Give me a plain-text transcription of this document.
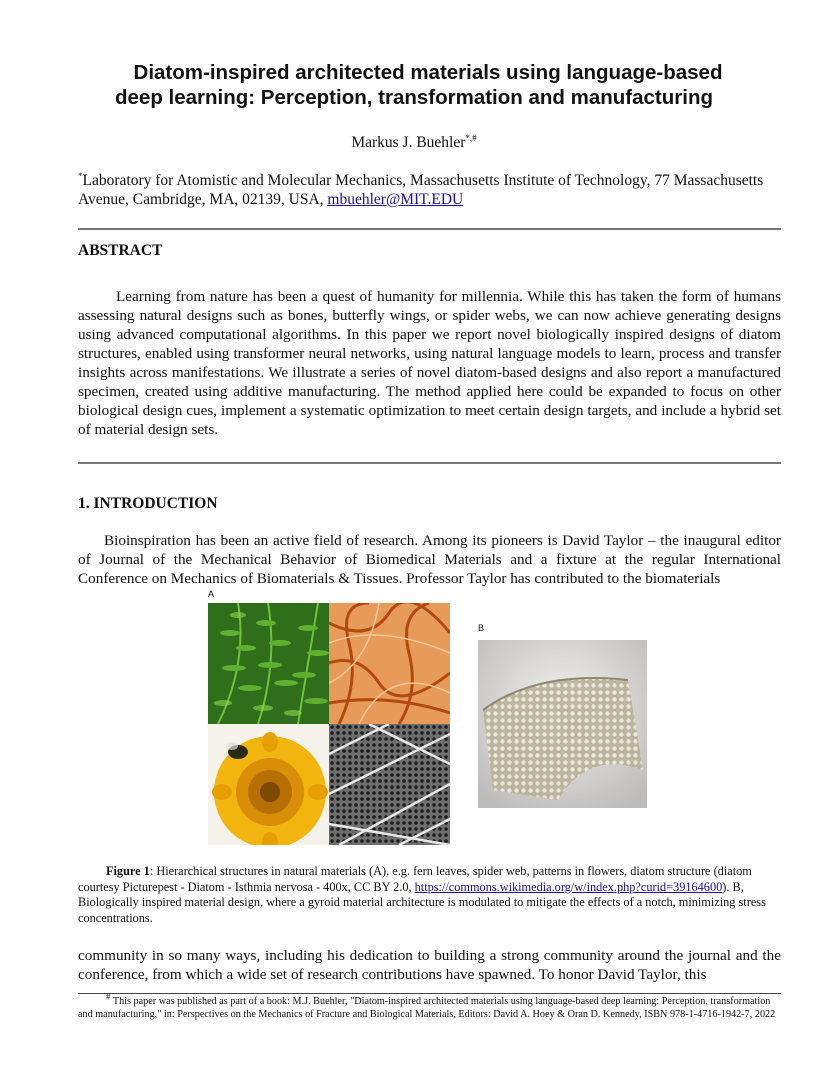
Diatom-inspired architected materials using language-based
deep learning: Perception, transformation and manufacturing
Markus J. Buehler*,#
*Laboratory for Atomistic and Molecular Mechanics, Massachusetts Institute of Technology, 77 Massachusetts Avenue, Cambridge, MA, 02139, USA, mbuehler@MIT.EDU
ABSTRACT
Learning from nature has been a quest of humanity for millennia. While this has taken the form of humans assessing natural designs such as bones, butterfly wings, or spider webs, we can now achieve generating designs using advanced computational algorithms. In this paper we report novel biologically inspired designs of diatom structures, enabled using transformer neural networks, using natural language models to learn, process and transfer insights across manifestations. We illustrate a series of novel diatom-based designs and also report a manufactured specimen, created using additive manufacturing. The method applied here could be expanded to focus on other biological design cues, implement a systematic optimization to meet certain design targets, and include a hybrid set of material design sets.
1. INTRODUCTION
Bioinspiration has been an active field of research. Among its pioneers is David Taylor – the inaugural editor of Journal of the Mechanical Behavior of Biomedical Materials and a fixture at the regular International Conference on Mechanics of Biomaterials & Tissues. Professor Taylor has contributed to the biomaterials
A
B
Figure 1: Hierarchical structures in natural materials (A), e.g. fern leaves, spider web, patterns in flowers, diatom structure (diatom courtesy Picturepest - Diatom - Isthmia nervosa - 400x, CC BY 2.0, https://commons.wikimedia.org/w/index.php?curid=39164600). B, Biologically inspired material design, where a gyroid material architecture is modulated to mitigate the effects of a notch, minimizing stress concentrations.
community in so many ways, including his dedication to building a strong community around the journal and the conference, from which a wide set of research contributions have spawned. To honor David Taylor, this
# This paper was published as part of a book: M.J. Buehler, "Diatom-inspired architected materials using language-based deep learning: Perception, transformation and manufacturing," in: Perspectives on the Mechanics of Fracture and Biological Materials, Editors: David A. Hoey & Oran D. Kennedy, ISBN 978-1-4716-1942-7, 2022
